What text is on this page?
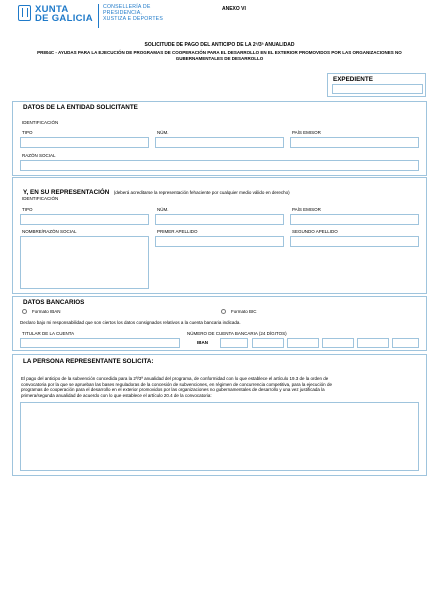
XUNTA
DE GALICIA
CONSELLERÍA DE
PRESIDENCIA,
XUSTIZA E DEPORTES
ANEXO VI
SOLICITUDE DE PAGO DEL ANTICIPO DE LA 2ª/3ª ANUALIDAD
PR804C - AYUDAS PARA LA EJECUCIÓN DE PROGRAMAS DE COOPERACIÓN PARA EL DESARROLLO EN EL EXTERIOR PROMOVIDOS POR LAS ORGANIZACIONES NO
GUBERNAMENTALES DE DESARROLLO
EXPEDIENTE
DATOS DE LA ENTIDAD SOLICITANTE
IDENTIFICACIÓN
TIPO	NÚM.	PAÍS EMISOR
RAZÓN SOCIAL
Y, EN SU REPRESENTACIÓN (deberá acreditarse la representación fehaciente por cualquier medio válido en derecho)
IDENTIFICACIÓN
TIPO	NÚM.	PAÍS EMISOR
NOMBRE/RAZÓN SOCIAL	PRIMER APELLIDO	SEGUNDO APELLIDO
DATOS BANCARIOS
Formato IBAN	Formato BIC
Declaro bajo mi responsabilidad que son ciertos los datos consignados relativos a la cuenta bancaria indicada.
TITULAR DE LA CUENTA	NÚMERO DE CUENTA BANCARIA (24 DÍGITOS)
IBAN
LA PERSONA REPRESENTANTE SOLICITA:
El pago del anticipo de la subvención concedida para la 2ª/3ª anualidad del programa, de conformidad con lo que establece el artículo 19.3 de la orden de
convocatoria por la que se aprueban las bases reguladoras de la concesión de subvenciones, en régimen de concurrencia competitiva, para la ejecución de
programas de cooperación para el desarrollo en el exterior promovidos por las organizaciones no gubernamentales de desarrollo y una vez justificada la
primera/segunda anualidad de acuerdo con lo que establece el artículo 20.4 de la convocatoria:
